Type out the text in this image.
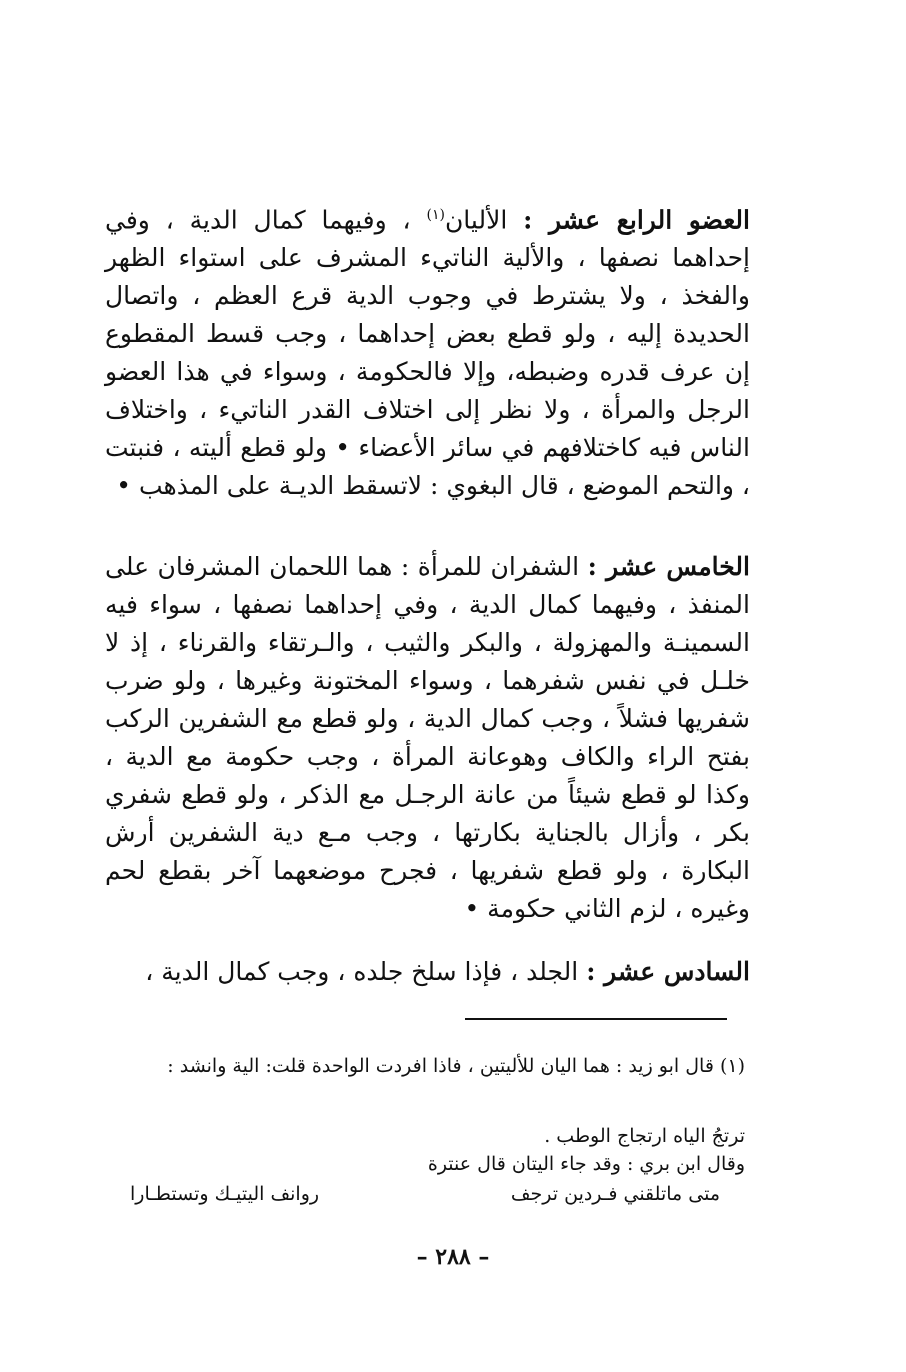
العضو الرابع عشر : الأليان$^{(١)}$ ، وفيهما كمال الدية ، وفي إحداهما نصفها ، والألية الناتيء المشرف على استواء الظهر والفخذ ، ولا يشترط في وجوب الدية قرع العظم ، واتصال الحديدة إليه ، ولو قطع بعض إحداهما ، وجب قسط المقطوع إن عرف قدره وضبطه، وإلا فالحكومة ، وسواء في هذا العضو الرجل والمرأة ، ولا نظر إلى اختلاف القدر الناتيء ، واختلاف الناس فيه كاختلافهم في سائر الأعضاء • ولو قطع أليته ، فنبتت ، والتحم الموضع ، قال البغوي : لاتسقط الديـة على المذهب •

الخامس عشر : الشفران للمرأة : هما اللحمان المشرفان على المنفذ ، وفيهما كمال الدية ، وفي إحداهما نصفها ، سواء فيه السمينـة والمهزولة ، والبكر والثيب ، والـرتقاء والقرناء ، إذ لا خلـل في نفس شفرهما ، وسواء المختونة وغيرها ، ولو ضرب شفريها فشلاً ، وجب كمال الدية ، ولو قطع مع الشفرين الركب بفتح الراء والكاف وهوعانة المرأة ، وجب حكومة مع الدية ، وكذا لو قطع شيئاً من عانة الرجـل مع الذكر ، ولو قطع شفري بكر ، وأزال بالجناية بكارتها ، وجب مـع دية الشفرين أرش البكارة ، ولو قطع شفريها ، فجرح موضعهما آخر بقطع لحم وغيره ، لزم الثاني حكومة •

السادس عشر : الجلد ، فإذا سلخ جلده ، وجب كمال الدية ،

(١) قال ابو زيد : هما اليان للأليتين ، فاذا افردت الواحدة قلت: الية وانشد :

ترتجُ الياه ارتجاج الوطب .

وقال ابن بري : وقد جاء اليتان قال عنترة

متى ماتلقني فـردين ترجف
روانف اليتيـك وتستطـارا
– ٢٨٨ –
